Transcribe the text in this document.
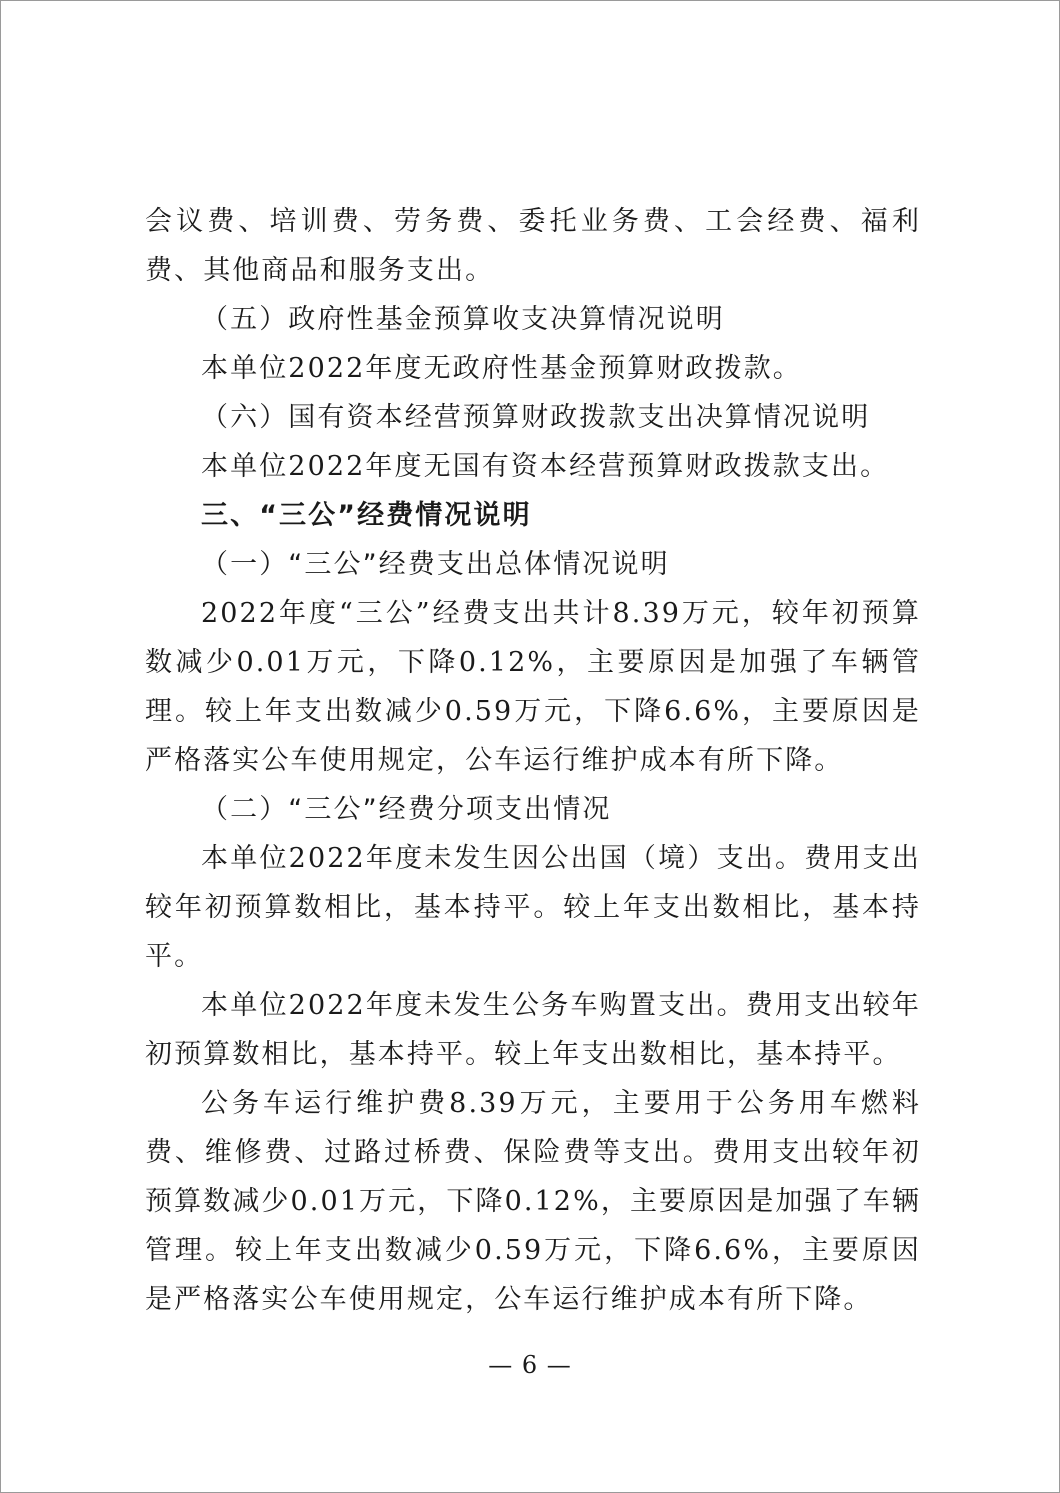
会议费、培训费、劳务费、委托业务费、工会经费、福利费、其他商品和服务支出。

（五）政府性基金预算收支决算情况说明

本单位2022年度无政府性基金预算财政拨款。

（六）国有资本经营预算财政拨款支出决算情况说明

本单位2022年度无国有资本经营预算财政拨款支出。

三、“三公”经费情况说明

（一）“三公”经费支出总体情况说明

2022年度“三公”经费支出共计8.39万元，较年初预算数减少0.01万元，下降0.12%，主要原因是加强了车辆管理。较上年支出数减少0.59万元，下降6.6%，主要原因是严格落实公车使用规定，公车运行维护成本有所下降。

（二）“三公”经费分项支出情况

本单位2022年度未发生因公出国（境）支出。费用支出较年初预算数相比，基本持平。较上年支出数相比，基本持平。

本单位2022年度未发生公务车购置支出。费用支出较年初预算数相比，基本持平。较上年支出数相比，基本持平。

公务车运行维护费8.39万元，主要用于公务用车燃料费、维修费、过路过桥费、保险费等支出。费用支出较年初预算数减少0.01万元，下降0.12%，主要原因是加强了车辆管理。较上年支出数减少0.59万元，下降6.6%，主要原因是严格落实公车使用规定，公车运行维护成本有所下降。

— 6 —
